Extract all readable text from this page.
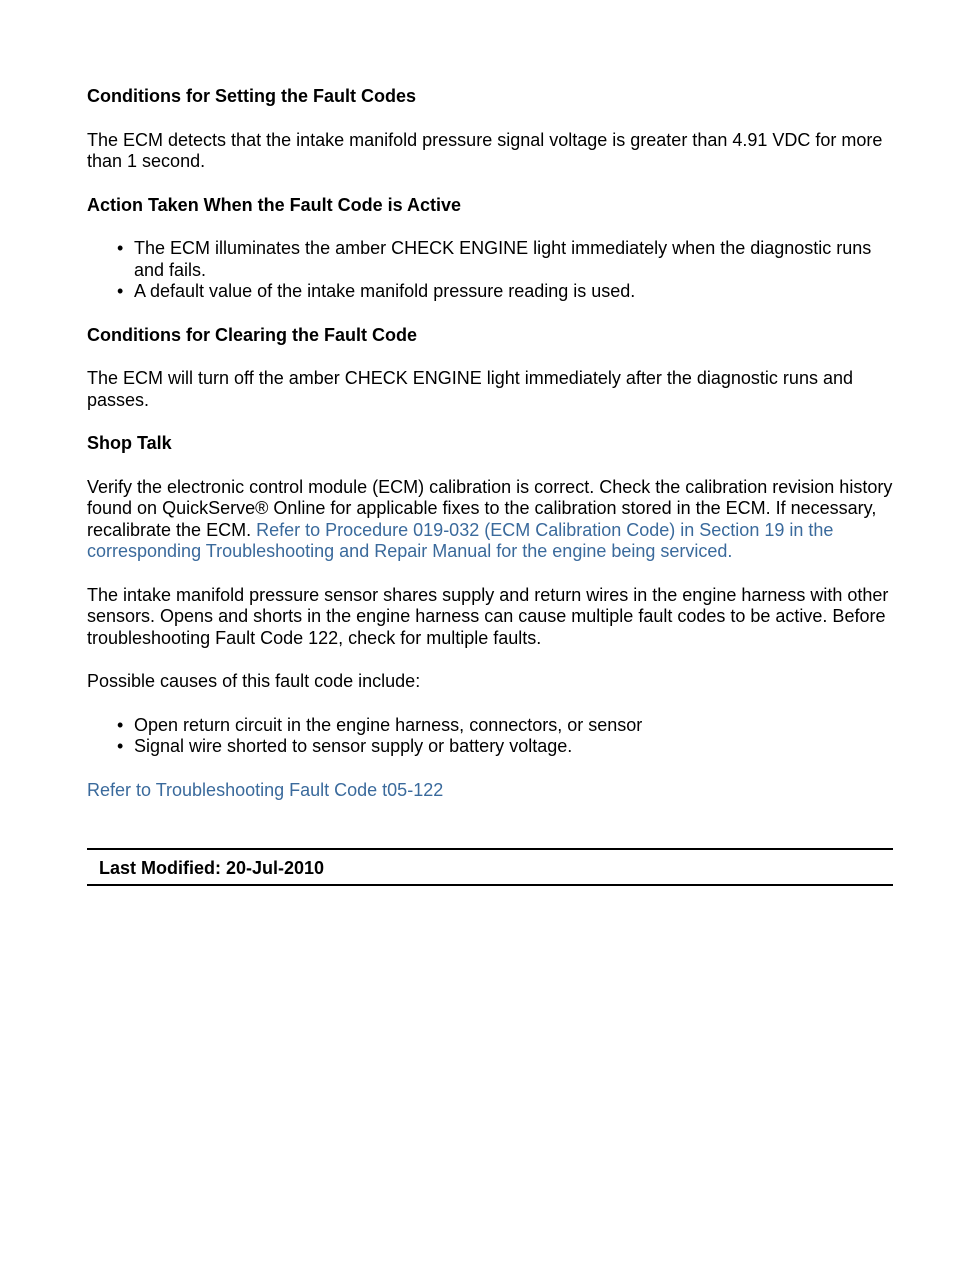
Conditions for Setting the Fault Codes

The ECM detects that the intake manifold pressure signal voltage is greater than 4.91 VDC for more than 1 second.

Action Taken When the Fault Code is Active
• The ECM illuminates the amber CHECK ENGINE light immediately when the diagnostic runs and fails.
• A default value of the intake manifold pressure reading is used.
Conditions for Clearing the Fault Code

The ECM will turn off the amber CHECK ENGINE light immediately after the diagnostic runs and passes.

Shop Talk

Verify the electronic control module (ECM) calibration is correct. Check the calibration revision history found on QuickServe® Online for applicable fixes to the calibration stored in the ECM. If necessary, recalibrate the ECM. Refer to Procedure 019-032 (ECM Calibration Code) in Section 19 in the corresponding Troubleshooting and Repair Manual for the engine being serviced.

The intake manifold pressure sensor shares supply and return wires in the engine harness with other sensors. Opens and shorts in the engine harness can cause multiple fault codes to be active. Before troubleshooting Fault Code 122, check for multiple faults.

Possible causes of this fault code include:

• Open return circuit in the engine harness, connectors, or sensor
• Signal wire shorted to sensor supply or battery voltage.

Refer to Troubleshooting Fault Code t05-122

Last Modified: 20-Jul-2010
